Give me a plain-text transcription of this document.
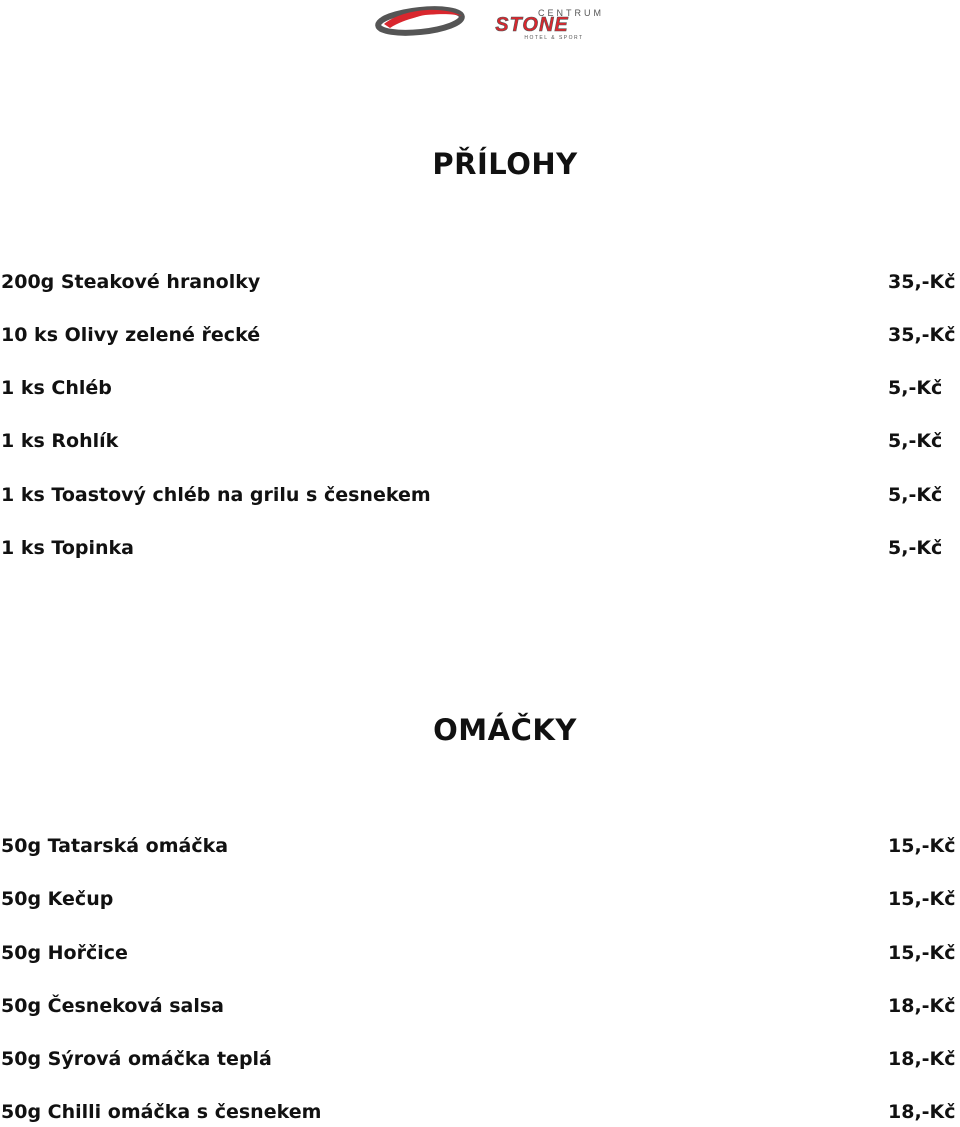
CENTRUM
STONE
HOTEL & SPORT
PŘÍLOHY
200g Steakové hranolky	35,-Kč
10 ks Olivy zelené řecké	35,-Kč
1 ks Chléb	5,-Kč
1 ks Rohlík	5,-Kč
1 ks Toastový chléb na grilu s česnekem	5,-Kč
1 ks Topinka	5,-Kč
OMÁČKY
50g Tatarská omáčka	15,-Kč
50g Kečup	15,-Kč
50g Hořčice	15,-Kč
50g Česneková salsa	18,-Kč
50g Sýrová omáčka teplá	18,-Kč
50g Chilli omáčka s česnekem	18,-Kč
